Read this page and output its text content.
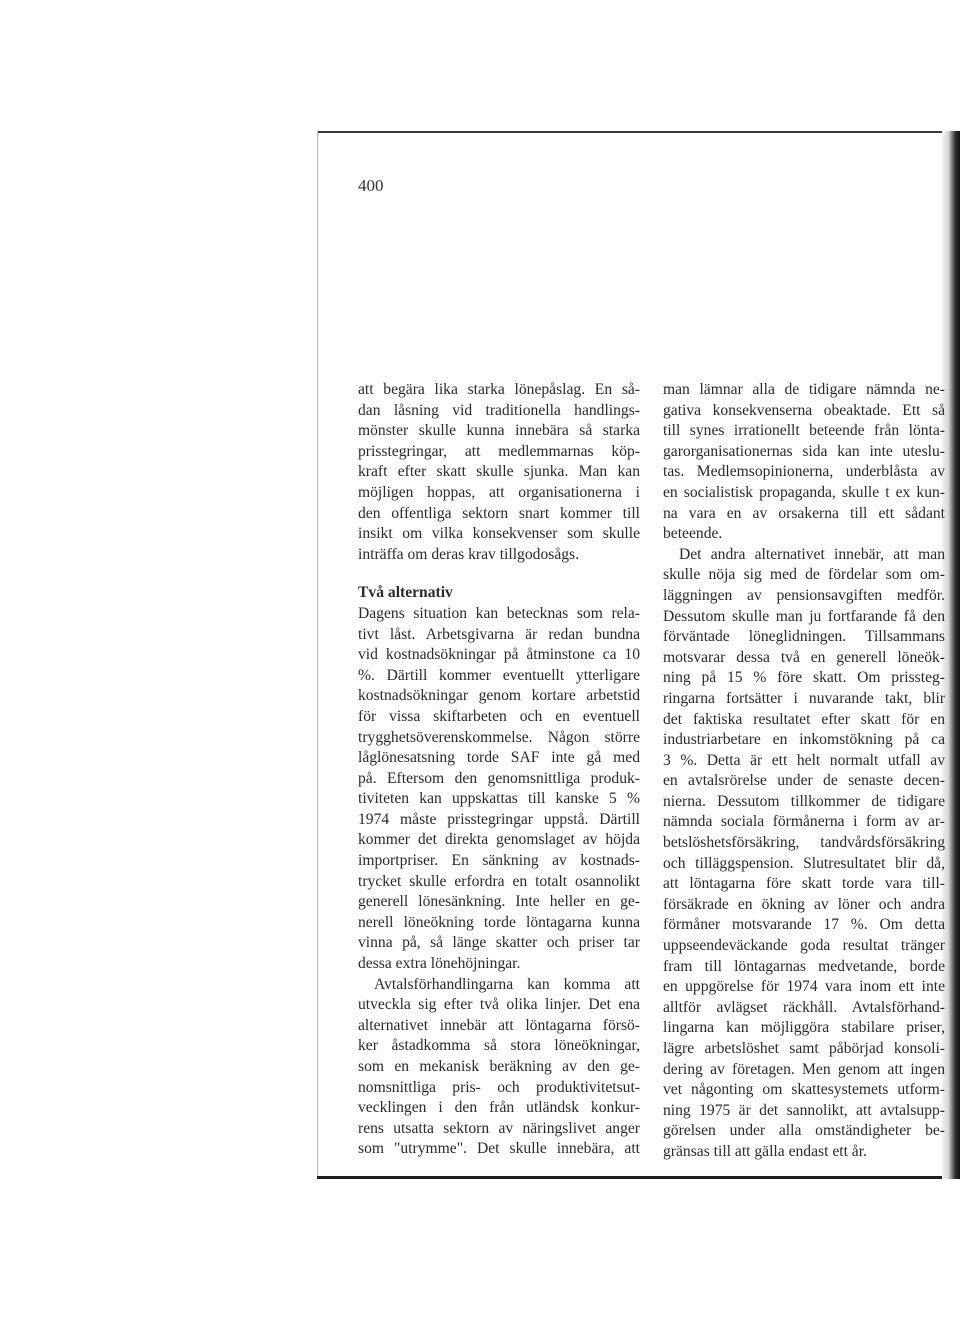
400
att begära lika starka lönepåslag. En så-
dan låsning vid traditionella handlings-
mönster skulle kunna innebära så starka
prisstegringar, att medlemmarnas köp-
kraft efter skatt skulle sjunka. Man kan
möjligen hoppas, att organisationerna i
den offentliga sektorn snart kommer till
insikt om vilka konsekvenser som skulle
inträffa om deras krav tillgodosågs.
Två alternativ
Dagens situation kan betecknas som rela-
tivt låst. Arbetsgivarna är redan bundna
vid kostnadsökningar på åtminstone ca 10
%. Därtill kommer eventuellt ytterligare
kostnadsökningar genom kortare arbetstid
för vissa skiftarbeten och en eventuell
trygghetsöverenskommelse. Någon större
låglönesatsning torde SAF inte gå med
på. Eftersom den genomsnittliga produk-
tiviteten kan uppskattas till kanske 5 %
1974 måste prisstegringar uppstå. Därtill
kommer det direkta genomslaget av höjda
importpriser. En sänkning av kostnads-
trycket skulle erfordra en totalt osannolikt
generell lönesänkning. Inte heller en ge-
nerell löneökning torde löntagarna kunna
vinna på, så länge skatter och priser tar
dessa extra lönehöjningar.
Avtalsförhandlingarna kan komma att
utveckla sig efter två olika linjer. Det ena
alternativet innebär att löntagarna försö-
ker åstadkomma så stora löneökningar,
som en mekanisk beräkning av den ge-
nomsnittliga pris- och produktivitetsut-
vecklingen i den från utländsk konkur-
rens utsatta sektorn av näringslivet anger
som "utrymme". Det skulle innebära, att
man lämnar alla de tidigare nämnda ne-
gativa konsekvenserna obeaktade. Ett så
till synes irrationellt beteende från lönta-
garorganisationernas sida kan inte uteslu-
tas. Medlemsopinionerna, underblåsta av
en socialistisk propaganda, skulle t ex kun-
na vara en av orsakerna till ett sådant
beteende.
Det andra alternativet innebär, att man
skulle nöja sig med de fördelar som om-
läggningen av pensionsavgiften medför.
Dessutom skulle man ju fortfarande få den
förväntade löneglidningen. Tillsammans
motsvarar dessa två en generell löneök-
ning på 15 % före skatt. Om prissteg-
ringarna fortsätter i nuvarande takt, blir
det faktiska resultatet efter skatt för en
industriarbetare en inkomstökning på ca
3 %. Detta är ett helt normalt utfall av
en avtalsrörelse under de senaste decen-
nierna. Dessutom tillkommer de tidigare
nämnda sociala förmånerna i form av ar-
betslöshetsförsäkring, tandvårdsförsäkring
och tilläggspension. Slutresultatet blir då,
att löntagarna före skatt torde vara till-
försäkrade en ökning av löner och andra
förmåner motsvarande 17 %. Om detta
uppseendeväckande goda resultat tränger
fram till löntagarnas medvetande, borde
en uppgörelse för 1974 vara inom ett inte
alltför avlägset räckhåll. Avtalsförhand-
lingarna kan möjliggöra stabilare priser,
lägre arbetslöshet samt påbörjad konsoli-
dering av företagen. Men genom att ingen
vet någonting om skattesystemets utform-
ning 1975 är det sannolikt, att avtalsupp-
görelsen under alla omständigheter be-
gränsas till att gälla endast ett år.
